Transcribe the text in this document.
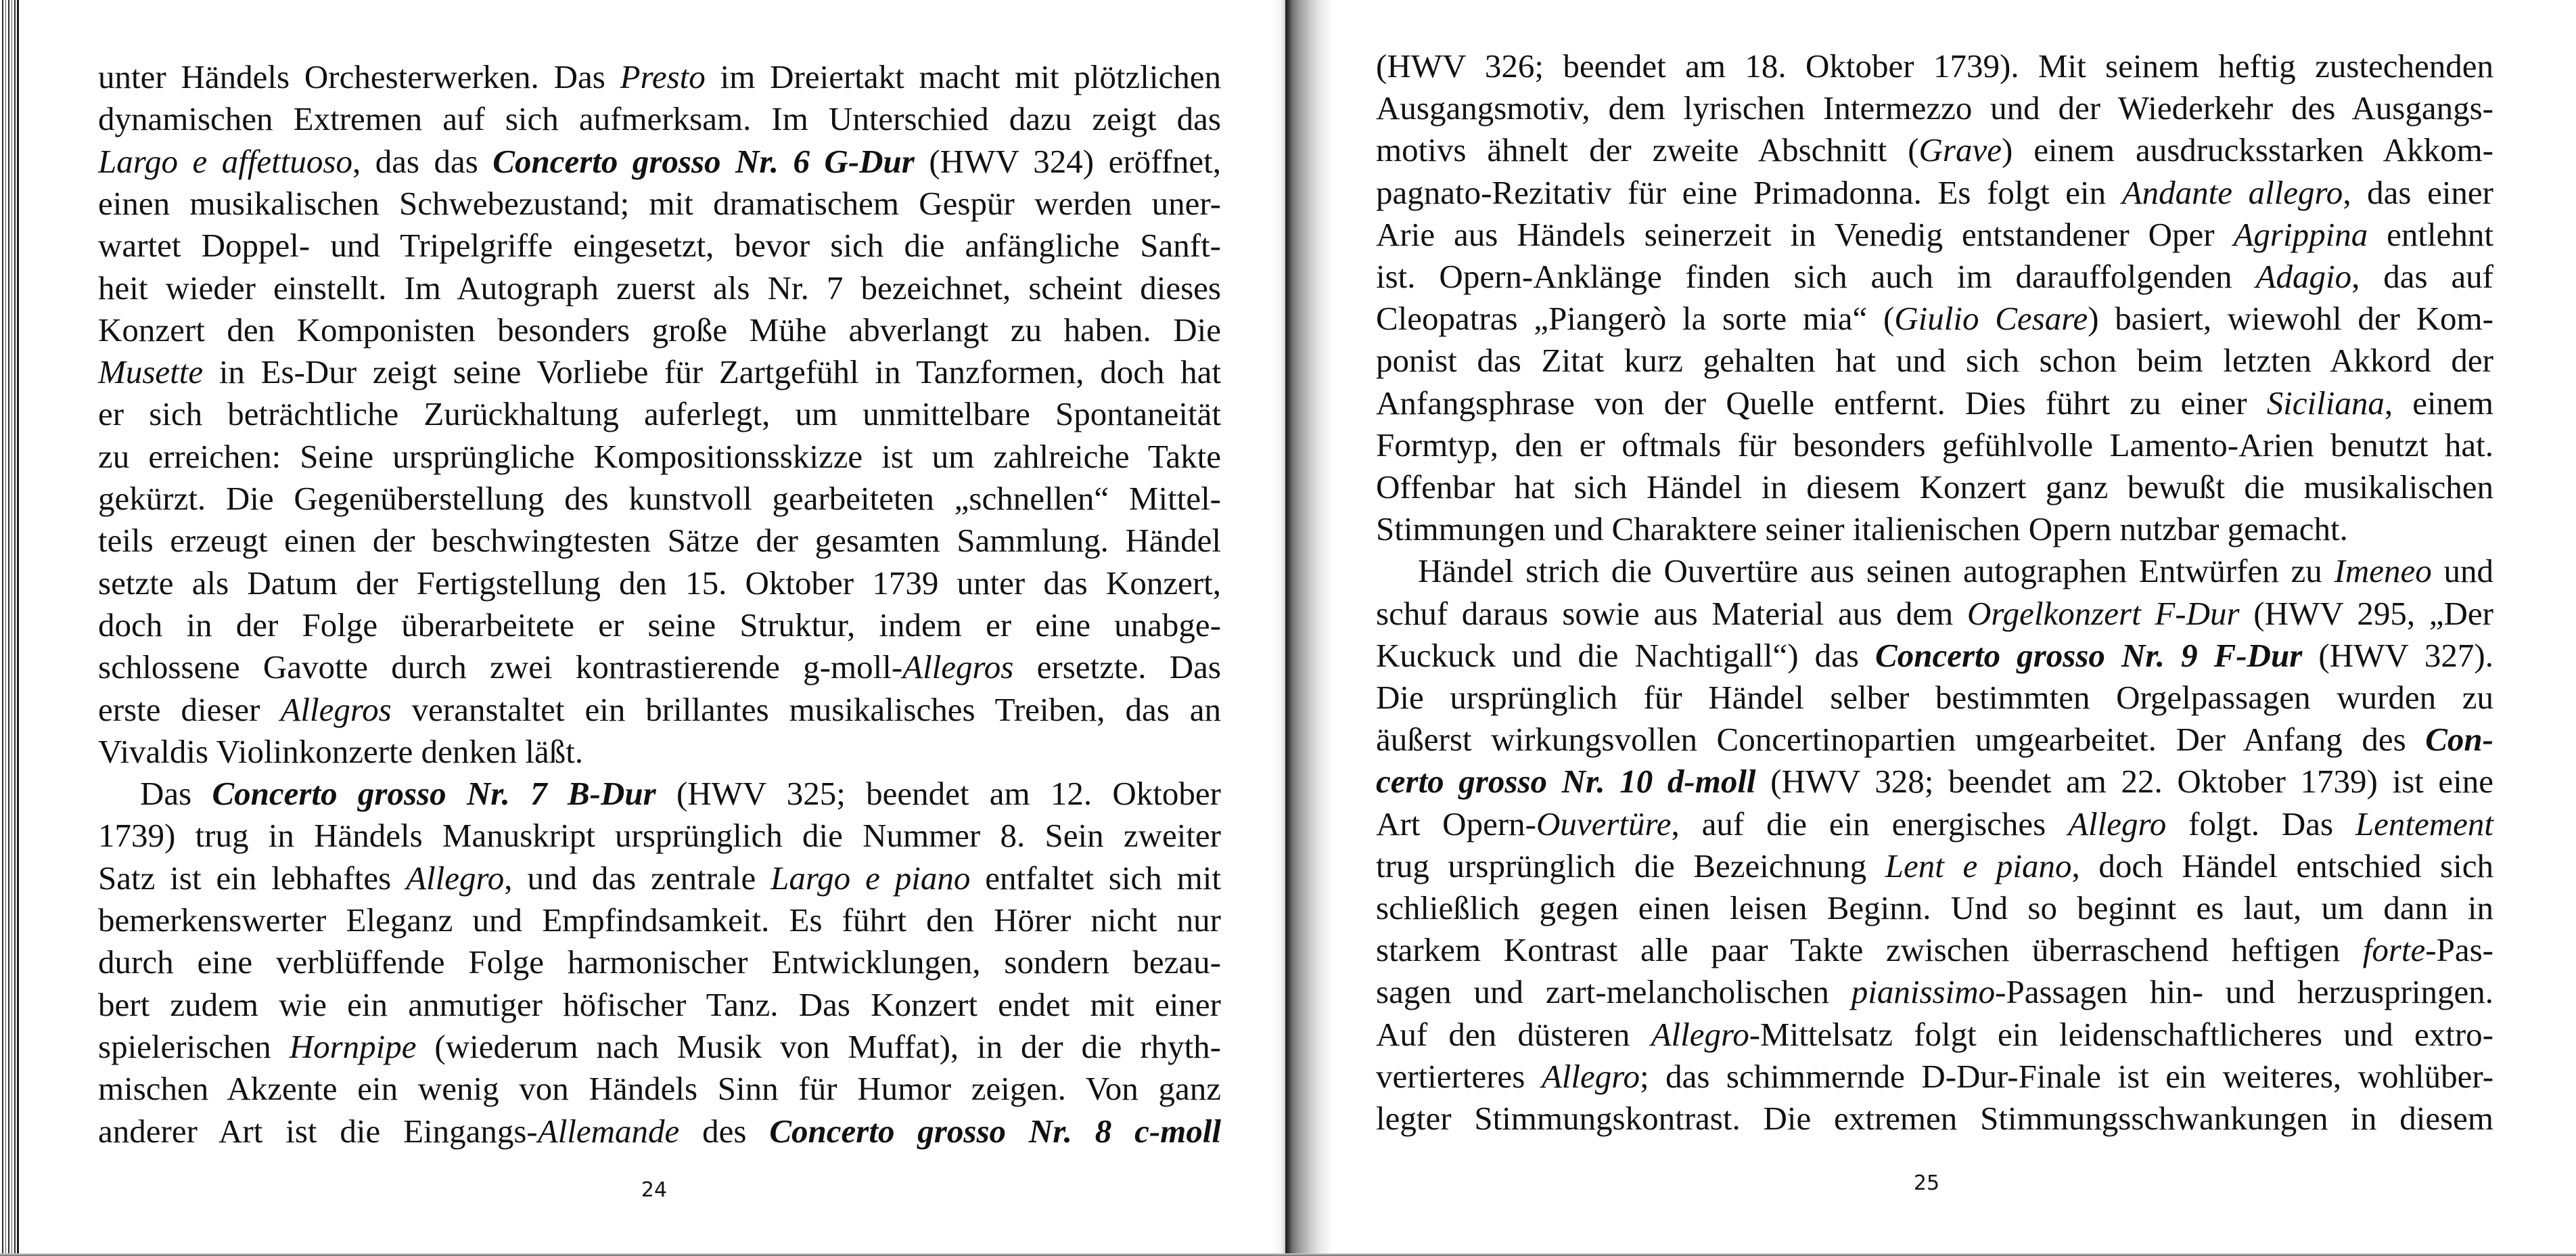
unter Händels Orchesterwerken. Das Presto im Dreiertakt macht mit plötzlichen
dynamischen Extremen auf sich aufmerksam. Im Unterschied dazu zeigt das
Largo e affettuoso, das das Concerto grosso Nr. 6 G-Dur (HWV 324) eröffnet,
einen musikalischen Schwebezustand; mit dramatischem Gespür werden uner-
wartet Doppel- und Tripelgriffe eingesetzt, bevor sich die anfängliche Sanft-
heit wieder einstellt. Im Autograph zuerst als Nr. 7 bezeichnet, scheint dieses
Konzert den Komponisten besonders große Mühe abverlangt zu haben. Die
Musette in Es-Dur zeigt seine Vorliebe für Zartgefühl in Tanzformen, doch hat
er sich beträchtliche Zurückhaltung auferlegt, um unmittelbare Spontaneität
zu erreichen: Seine ursprüngliche Kompositionsskizze ist um zahlreiche Takte
gekürzt. Die Gegenüberstellung des kunstvoll gearbeiteten „schnellen“ Mittel-
teils erzeugt einen der beschwingtesten Sätze der gesamten Sammlung. Händel
setzte als Datum der Fertigstellung den 15. Oktober 1739 unter das Konzert,
doch in der Folge überarbeitete er seine Struktur, indem er eine unabge-
schlossene Gavotte durch zwei kontrastierende g-moll-Allegros ersetzte. Das
erste dieser Allegros veranstaltet ein brillantes musikalisches Treiben, das an
Vivaldis Violinkonzerte denken läßt.
Das Concerto grosso Nr. 7 B-Dur (HWV 325; beendet am 12. Oktober
1739) trug in Händels Manuskript ursprünglich die Nummer 8. Sein zweiter
Satz ist ein lebhaftes Allegro, und das zentrale Largo e piano entfaltet sich mit
bemerkenswerter Eleganz und Empfindsamkeit. Es führt den Hörer nicht nur
durch eine verblüffende Folge harmonischer Entwicklungen, sondern bezau-
bert zudem wie ein anmutiger höfischer Tanz. Das Konzert endet mit einer
spielerischen Hornpipe (wiederum nach Musik von Muffat), in der die rhyth-
mischen Akzente ein wenig von Händels Sinn für Humor zeigen. Von ganz
anderer Art ist die Eingangs-Allemande des Concerto grosso Nr. 8 c-moll
24
(HWV 326; beendet am 18. Oktober 1739). Mit seinem heftig zustechenden
Ausgangsmotiv, dem lyrischen Intermezzo und der Wiederkehr des Ausgangs-
motivs ähnelt der zweite Abschnitt (Grave) einem ausdrucksstarken Akkom-
pagnato-Rezitativ für eine Primadonna. Es folgt ein Andante allegro, das einer
Arie aus Händels seinerzeit in Venedig entstandener Oper Agrippina entlehnt
ist. Opern-Anklänge finden sich auch im darauffolgenden Adagio, das auf
Cleopatras „Piangerò la sorte mia“ (Giulio Cesare) basiert, wiewohl der Kom-
ponist das Zitat kurz gehalten hat und sich schon beim letzten Akkord der
Anfangsphrase von der Quelle entfernt. Dies führt zu einer Siciliana, einem
Formtyp, den er oftmals für besonders gefühlvolle Lamento-Arien benutzt hat.
Offenbar hat sich Händel in diesem Konzert ganz bewußt die musikalischen
Stimmungen und Charaktere seiner italienischen Opern nutzbar gemacht.
Händel strich die Ouvertüre aus seinen autographen Entwürfen zu Imeneo und
schuf daraus sowie aus Material aus dem Orgelkonzert F-Dur (HWV 295, „Der
Kuckuck und die Nachtigall“) das Concerto grosso Nr. 9 F-Dur (HWV 327).
Die ursprünglich für Händel selber bestimmten Orgelpassagen wurden zu
äußerst wirkungsvollen Concertinopartien umgearbeitet. Der Anfang des Con-
certo grosso Nr. 10 d-moll (HWV 328; beendet am 22. Oktober 1739) ist eine
Art Opern-Ouvertüre, auf die ein energisches Allegro folgt. Das Lentement
trug ursprünglich die Bezeichnung Lent e piano, doch Händel entschied sich
schließlich gegen einen leisen Beginn. Und so beginnt es laut, um dann in
starkem Kontrast alle paar Takte zwischen überraschend heftigen forte-Pas-
sagen und zart-melancholischen pianissimo-Passagen hin- und herzuspringen.
Auf den düsteren Allegro-Mittelsatz folgt ein leidenschaftlicheres und extro-
vertierteres Allegro; das schimmernde D-Dur-Finale ist ein weiteres, wohlüber-
legter Stimmungskontrast. Die extremen Stimmungsschwankungen in diesem
25
